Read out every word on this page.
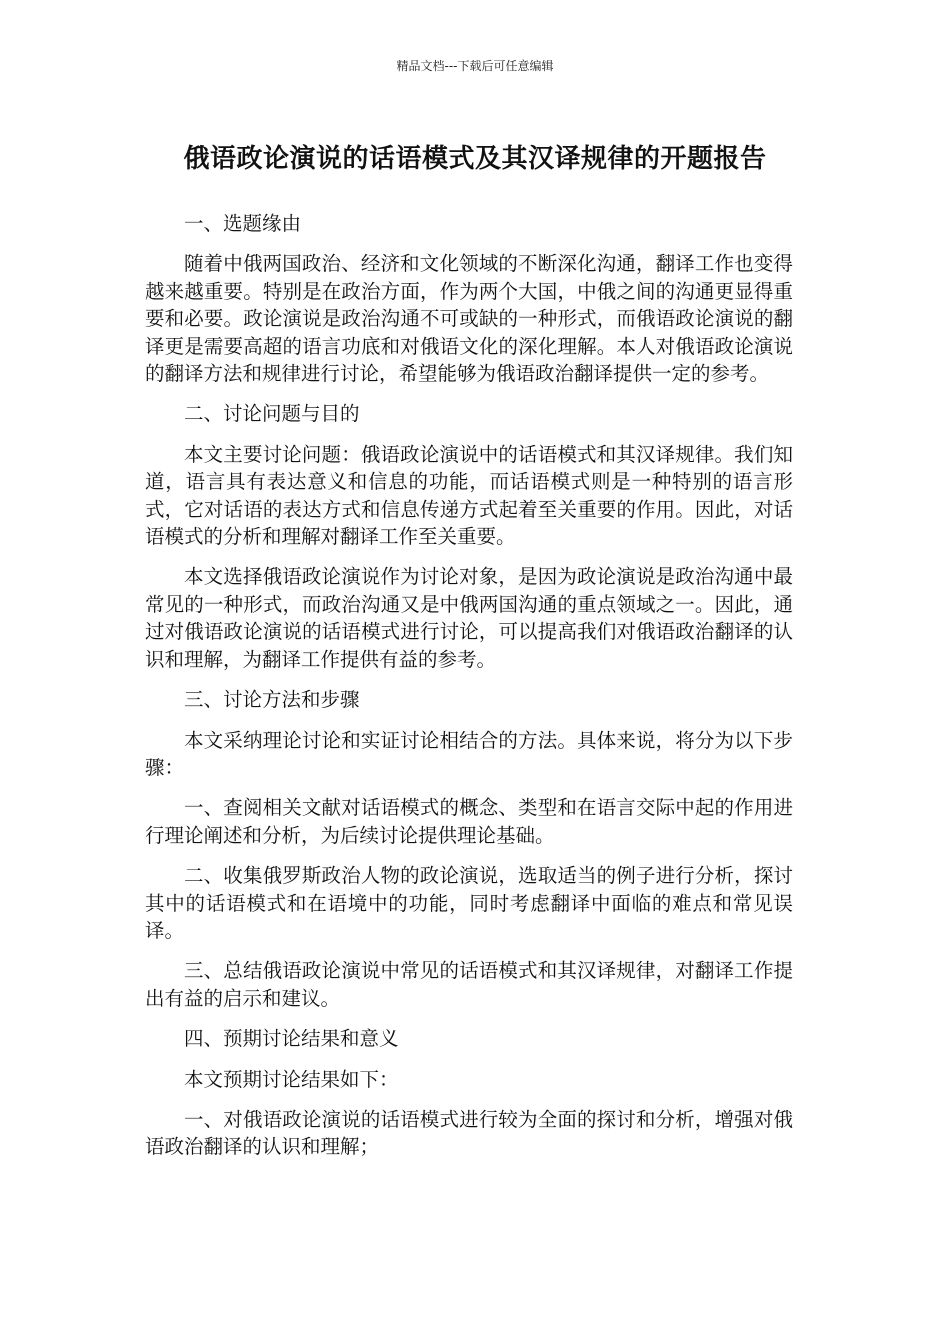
精品文档---下载后可任意编辑
俄语政论演说的话语模式及其汉译规律的开题报告

一、选题缘由

随着中俄两国政治、经济和文化领域的不断深化沟通，翻译工作也变得越来越重要。特别是在政治方面，作为两个大国，中俄之间的沟通更显得重要和必要。政论演说是政治沟通不可或缺的一种形式，而俄语政论演说的翻译更是需要高超的语言功底和对俄语文化的深化理解。本人对俄语政论演说的翻译方法和规律进行讨论，希望能够为俄语政治翻译提供一定的参考。

二、讨论问题与目的

本文主要讨论问题：俄语政论演说中的话语模式和其汉译规律。我们知道，语言具有表达意义和信息的功能，而话语模式则是一种特别的语言形式，它对话语的表达方式和信息传递方式起着至关重要的作用。因此，对话语模式的分析和理解对翻译工作至关重要。

本文选择俄语政论演说作为讨论对象，是因为政论演说是政治沟通中最常见的一种形式，而政治沟通又是中俄两国沟通的重点领域之一。因此，通过对俄语政论演说的话语模式进行讨论，可以提高我们对俄语政治翻译的认识和理解，为翻译工作提供有益的参考。

三、讨论方法和步骤

本文采纳理论讨论和实证讨论相结合的方法。具体来说，将分为以下步骤：

一、查阅相关文献对话语模式的概念、类型和在语言交际中起的作用进行理论阐述和分析，为后续讨论提供理论基础。

二、收集俄罗斯政治人物的政论演说，选取适当的例子进行分析，探讨其中的话语模式和在语境中的功能，同时考虑翻译中面临的难点和常见误译。

三、总结俄语政论演说中常见的话语模式和其汉译规律，对翻译工作提出有益的启示和建议。

四、预期讨论结果和意义

本文预期讨论结果如下：

一、对俄语政论演说的话语模式进行较为全面的探讨和分析，增强对俄语政治翻译的认识和理解；
